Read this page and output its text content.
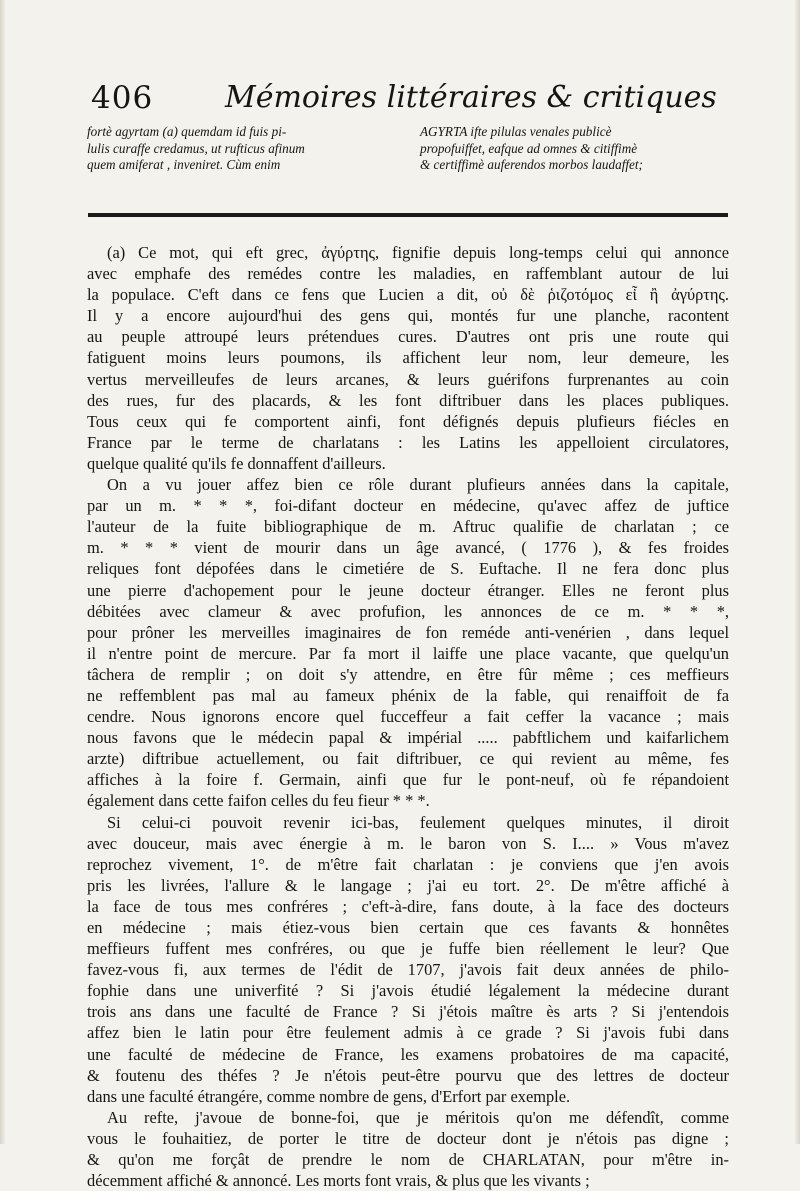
406 Mémoires littéraires & critiques
fortè agyrtam (a) quemdam id fuis pi-
lulis curaffe credamus, ut rufticus afinum
quem amiferat , inveniret. Cùm enim
AGYRTA ifte pilulas venales publicè
propofuiffet, eafque ad omnes & citiffimè
& certiffimè auferendos morbos laudaffet;
(a) Ce mot, qui eft grec, ἀγύρτης, fignifie depuis long-temps celui qui annonce
avec emphafe des remédes contre les maladies, en raffemblant autour de lui
la populace. C'eft dans ce fens que Lucien a dit, οὐ δὲ ῥιζοτόμος εἶ ἢ ἀγύρτης.
Il y a encore aujourd'hui des gens qui, montés fur une planche, racontent
au peuple attroupé leurs prétendues cures. D'autres ont pris une route qui
fatiguent moins leurs poumons, ils affichent leur nom, leur demeure, les
vertus merveilleufes de leurs arcanes, & leurs guérifons furprenantes au coin
des rues, fur des placards, & les font diftribuer dans les places publiques.
Tous ceux qui fe comportent ainfi, font défignés depuis plufieurs fiécles en
France par le terme de charlatans : les Latins les appelloient circulatores,
quelque qualité qu'ils fe donnaffent d'ailleurs.
On a vu jouer affez bien ce rôle durant plufieurs années dans la capitale,
par un m. * * *, foi-difant docteur en médecine, qu'avec affez de juftice
l'auteur de la fuite bibliographique de m. Aftruc qualifie de charlatan ; ce
m. * * * vient de mourir dans un âge avancé, ( 1776 ), & fes froides
reliques font dépofées dans le cimetiére de S. Euftache. Il ne fera donc plus
une pierre d'achopement pour le jeune docteur étranger. Elles ne feront plus
débitées avec clameur & avec profufion, les annonces de ce m. * * *,
pour prôner les merveilles imaginaires de fon reméde anti-venérien , dans lequel
il n'entre point de mercure. Par fa mort il laiffe une place vacante, que quelqu'un
tâchera de remplir ; on doit s'y attendre, en être fûr même ; ces meffieurs
ne reffemblent pas mal au fameux phénix de la fable, qui renaiffoit de fa
cendre. Nous ignorons encore quel fucceffeur a fait ceffer la vacance ; mais
nous favons que le médecin papal & impérial ..... pabftlichem und kaifarlichem
arzte) diftribue actuellement, ou fait diftribuer, ce qui revient au même, fes
affiches à la foire f. Germain, ainfi que fur le pont-neuf, où fe répandoient
également dans cette faifon celles du feu fieur * * *.
Si celui-ci pouvoit revenir ici-bas, feulement quelques minutes, il diroit
avec douceur, mais avec énergie à m. le baron von S. I.... » Vous m'avez
reprochez vivement, 1°. de m'être fait charlatan : je conviens que j'en avois
pris les livrées, l'allure & le langage ; j'ai eu tort. 2°. De m'être affiché à
la face de tous mes confréres ; c'eft-à-dire, fans doute, à la face des docteurs
en médecine ; mais étiez-vous bien certain que ces favants & honnêtes
meffieurs fuffent mes confréres, ou que je fuffe bien réellement le leur? Que
favez-vous fi, aux termes de l'édit de 1707, j'avois fait deux années de philo-
fophie dans une univerfité ? Si j'avois étudié légalement la médecine durant
trois ans dans une faculté de France ? Si j'étois maître ès arts ? Si j'entendois
affez bien le latin pour être feulement admis à ce grade ? Si j'avois fubi dans
une faculté de médecine de France, les examens probatoires de ma capacité,
& foutenu des théfes ? Je n'étois peut-être pourvu que des lettres de docteur
dans une faculté étrangére, comme nombre de gens, d'Erfort par exemple.
Au refte, j'avoue de bonne-foi, que je méritois qu'on me défendît, comme
vous le fouhaitiez, de porter le titre de docteur dont je n'étois pas digne ;
& qu'on me forçât de prendre le nom de CHARLATAN, pour m'être in-
décemment affiché & annoncé. Les morts font vrais, & plus que les vivants ;
